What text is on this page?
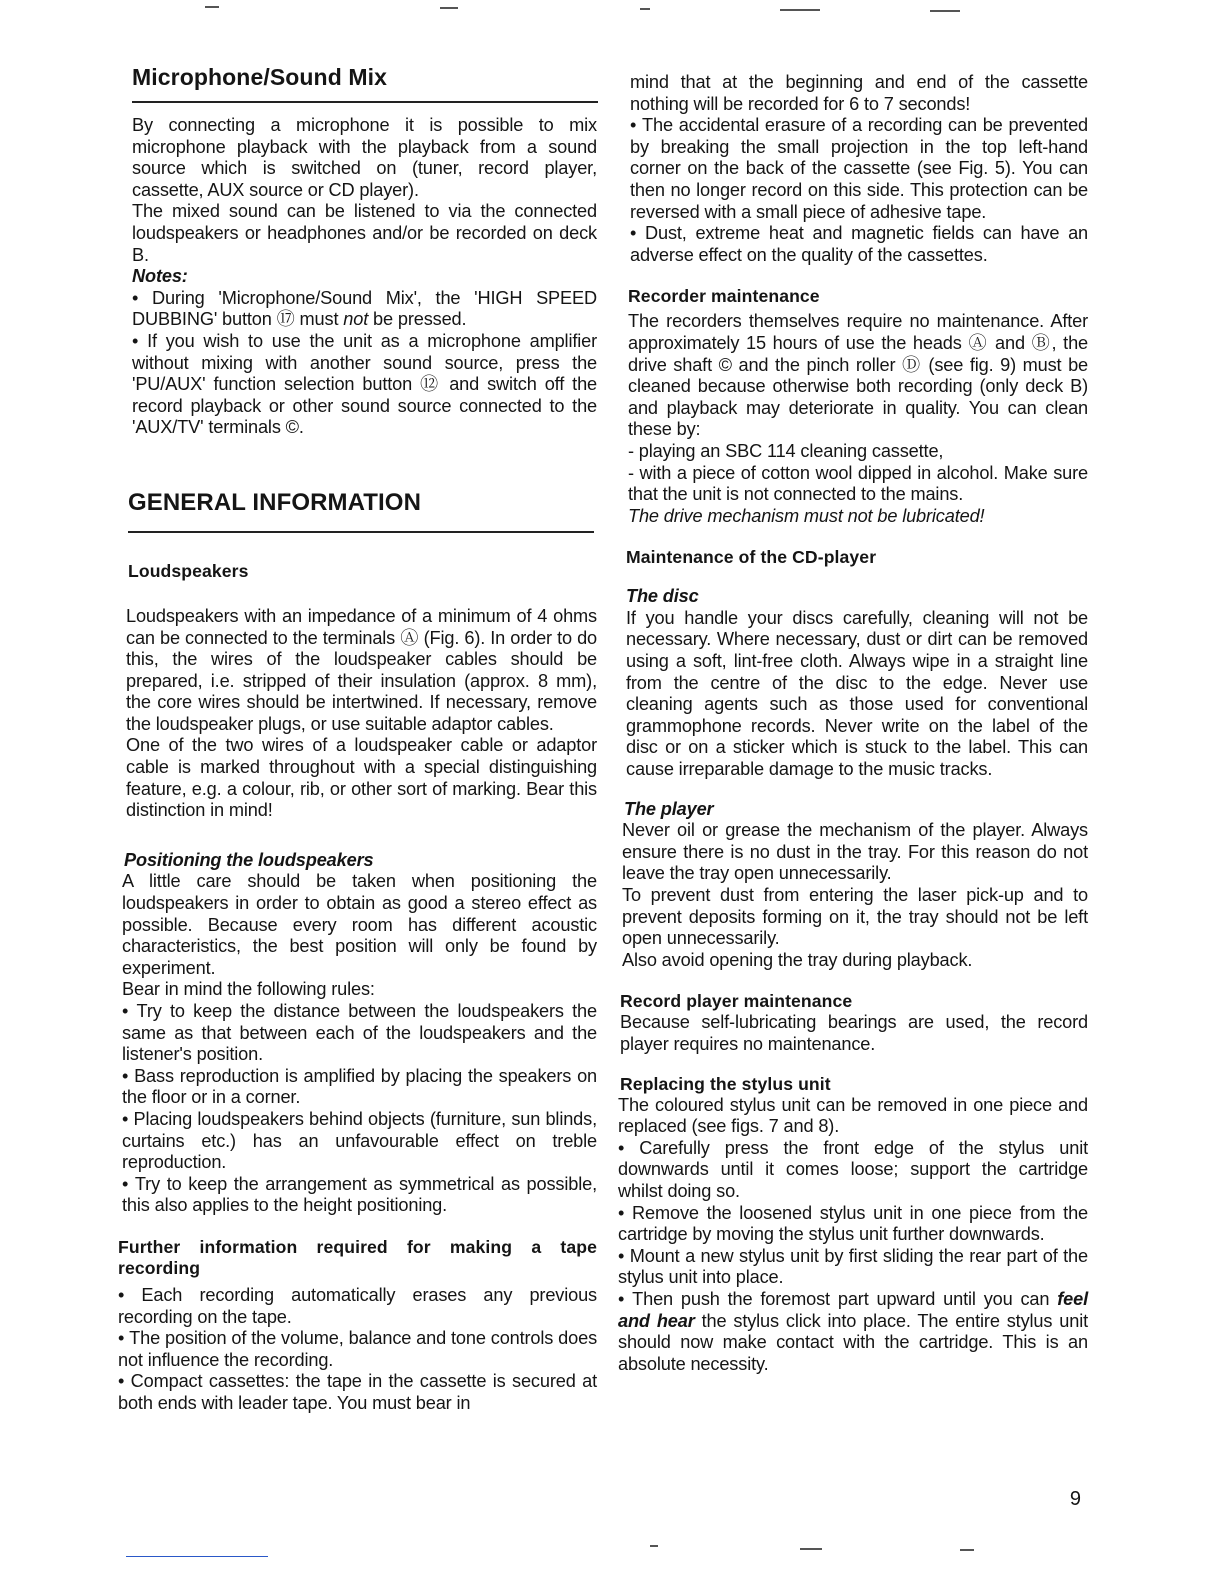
Microphone/Sound Mix

By connecting a microphone it is possible to mix microphone playback with the playback from a sound source which is switched on (tuner, record player, cassette, AUX source or CD player).

The mixed sound can be listened to via the connected loudspeakers or headphones and/or be recorded on deck B.

Notes:

• During 'Microphone/Sound Mix', the 'HIGH SPEED DUBBING' button ⑰ must not be pressed.

• If you wish to use the unit as a microphone amplifier without mixing with another sound source, press the 'PU/AUX' function selection button ⑫ and switch off the record playback or other sound source connected to the 'AUX/TV' terminals ©.

GENERAL INFORMATION
Loudspeakers

Loudspeakers with an impedance of a minimum of 4 ohms can be connected to the terminals Ⓐ (Fig. 6). In order to do this, the wires of the loudspeaker cables should be prepared, i.e. stripped of their insulation (approx. 8 mm), the core wires should be intertwined. If necessary, remove the loudspeaker plugs, or use suitable adaptor cables.

One of the two wires of a loudspeaker cable or adaptor cable is marked throughout with a special distinguishing feature, e.g. a colour, rib, or other sort of marking. Bear this distinction in mind!

Positioning the loudspeakers

A little care should be taken when positioning the loudspeakers in order to obtain as good a stereo effect as possible. Because every room has different acoustic characteristics, the best position will only be found by experiment.

Bear in mind the following rules:

• Try to keep the distance between the loudspeakers the same as that between each of the loudspeakers and the listener's position.

• Bass reproduction is amplified by placing the speakers on the floor or in a corner.

• Placing loudspeakers behind objects (furniture, sun blinds, curtains etc.) has an unfavourable effect on treble reproduction.

• Try to keep the arrangement as symmetrical as possible, this also applies to the height positioning.

Further information required for making a tape recording

• Each recording automatically erases any previous recording on the tape.

• The position of the volume, balance and tone controls does not influence the recording.

• Compact cassettes: the tape in the cassette is secured at both ends with leader tape. You must bear in

mind that at the beginning and end of the cassette nothing will be recorded for 6 to 7 seconds!

• The accidental erasure of a recording can be prevented by breaking the small projection in the top left-hand corner on the back of the cassette (see Fig. 5). You can then no longer record on this side. This protection can be reversed with a small piece of adhesive tape.

• Dust, extreme heat and magnetic fields can have an adverse effect on the quality of the cassettes.

Recorder maintenance

The recorders themselves require no maintenance. After approximately 15 hours of use the heads Ⓐ and Ⓑ, the drive shaft © and the pinch roller Ⓓ (see fig. 9) must be cleaned because otherwise both recording (only deck B) and playback may deteriorate in quality. You can clean these by:

- playing an SBC 114 cleaning cassette,

- with a piece of cotton wool dipped in alcohol. Make sure that the unit is not connected to the mains.

The drive mechanism must not be lubricated!

Maintenance of the CD-player

The disc

If you handle your discs carefully, cleaning will not be necessary. Where necessary, dust or dirt can be removed using a soft, lint-free cloth. Always wipe in a straight line from the centre of the disc to the edge. Never use cleaning agents such as those used for conventional grammophone records. Never write on the label of the disc or on a sticker which is stuck to the label. This can cause irreparable damage to the music tracks.

The player

Never oil or grease the mechanism of the player. Always ensure there is no dust in the tray. For this reason do not leave the tray open unnecessarily.

To prevent dust from entering the laser pick-up and to prevent deposits forming on it, the tray should not be left open unnecessarily.

Also avoid opening the tray during playback.

Record player maintenance

Because self-lubricating bearings are used, the record player requires no maintenance.

Replacing the stylus unit

The coloured stylus unit can be removed in one piece and replaced (see figs. 7 and 8).

• Carefully press the front edge of the stylus unit downwards until it comes loose; support the cartridge whilst doing so.

• Remove the loosened stylus unit in one piece from the cartridge by moving the stylus unit further downwards.

• Mount a new stylus unit by first sliding the rear part of the stylus unit into place.

• Then push the foremost part upward until you can feel and hear the stylus click into place. The entire stylus unit should now make contact with the cartridge. This is an absolute necessity.

9
